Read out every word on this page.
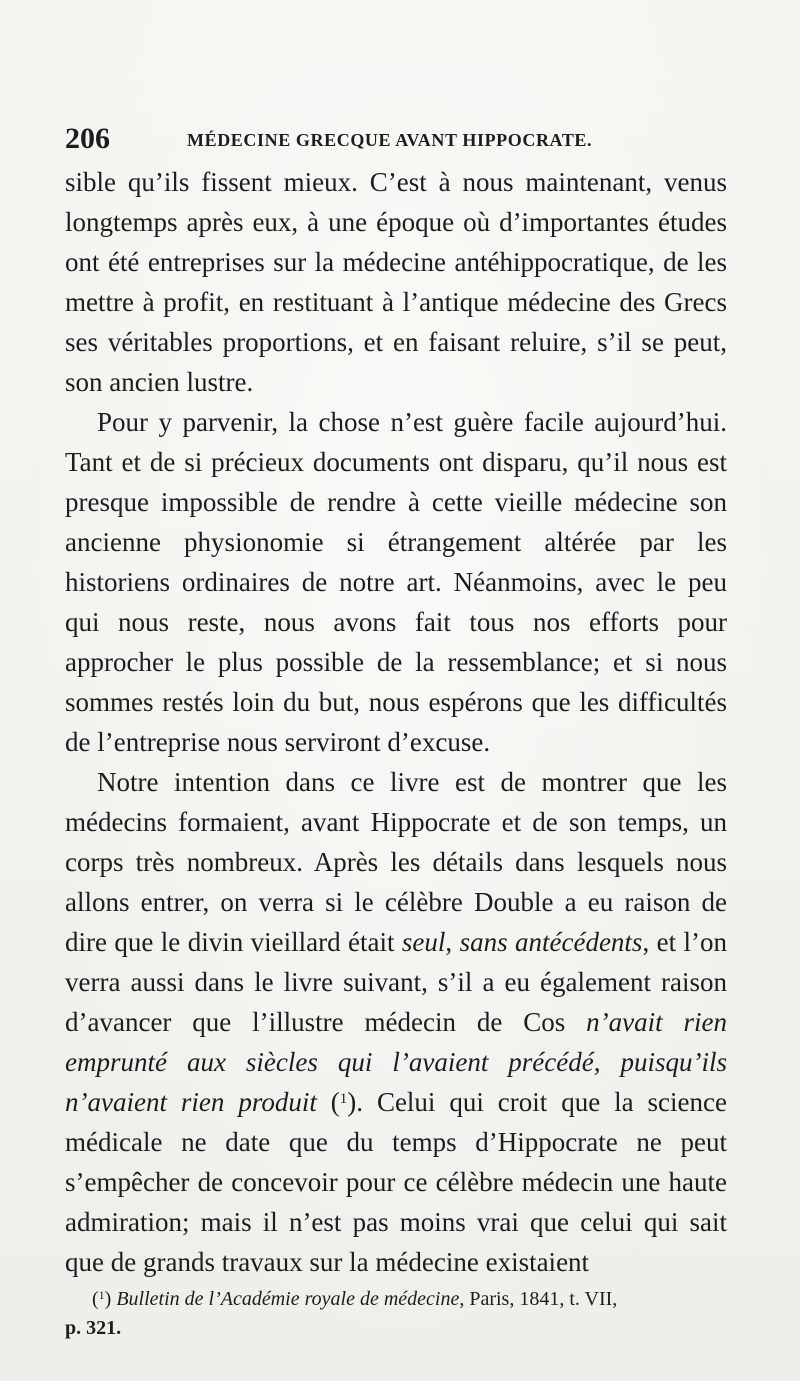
206	MÉDECINE GRECQUE AVANT HIPPOCRATE.

sible qu’ils fissent mieux. C’est à nous maintenant, venus longtemps après eux, à une époque où d’importantes études ont été entreprises sur la médecine antéhippocratique, de les mettre à profit, en restituant à l’antique médecine des Grecs ses véritables proportions, et en faisant reluire, s’il se peut, son ancien lustre.

Pour y parvenir, la chose n’est guère facile aujourd’hui. Tant et de si précieux documents ont disparu, qu’il nous est presque impossible de rendre à cette vieille médecine son ancienne physionomie si étrangement altérée par les historiens ordinaires de notre art. Néanmoins, avec le peu qui nous reste, nous avons fait tous nos efforts pour approcher le plus possible de la ressemblance; et si nous sommes restés loin du but, nous espérons que les difficultés de l’entreprise nous serviront d’excuse.

Notre intention dans ce livre est de montrer que les médecins formaient, avant Hippocrate et de son temps, un corps très nombreux. Après les détails dans lesquels nous allons entrer, on verra si le célèbre Double a eu raison de dire que le divin vieillard était seul, sans antécédents, et l’on verra aussi dans le livre suivant, s’il a eu également raison d’avancer que l’illustre médecin de Cos n’avait rien emprunté aux siècles qui l’avaient précédé, puisqu’ils n’avaient rien produit ($^1$). Celui qui croit que la science médicale ne date que du temps d’Hippocrate ne peut s’empêcher de concevoir pour ce célèbre médecin une haute admiration; mais il n’est pas moins vrai que celui qui sait que de grands travaux sur la médecine existaient

($^1$) Bulletin de l’Académie royale de médecine, Paris, 1841, t. VII,
p. 321.
